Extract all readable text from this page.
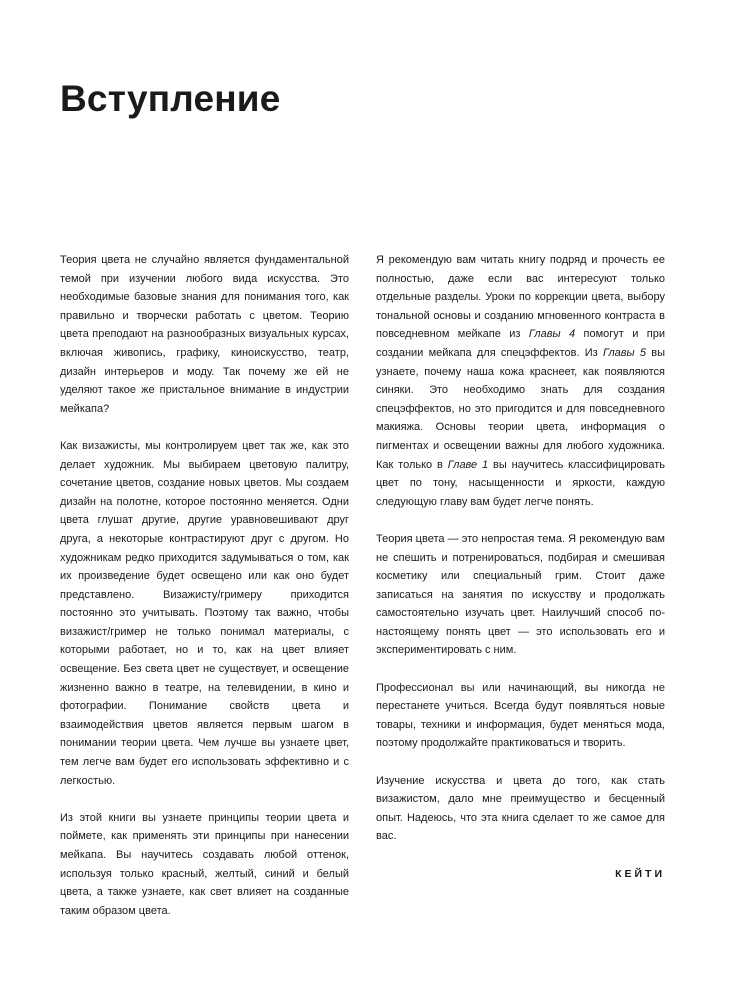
Вступление

Теория цвета не случайно является фундаментальной темой при изучении любого вида искусства. Это необходимые базовые знания для понимания того, как правильно и творчески работать с цветом. Теорию цвета преподают на разнообразных визуальных курсах, включая живопись, графику, киноискусство, театр, дизайн интерьеров и моду. Так почему же ей не уделяют такое же пристальное внимание в индустрии мейкапа?

Как визажисты, мы контролируем цвет так же, как это делает художник. Мы выбираем цветовую палитру, сочетание цветов, создание новых цветов. Мы создаем дизайн на полотне, которое постоянно меняется. Одни цвета глушат другие, другие уравновешивают друг друга, а некоторые контрастируют друг с другом. Но художникам редко приходится задумываться о том, как их произведение будет освещено или как оно будет представлено. Визажисту/гримеру приходится постоянно это учитывать. Поэтому так важно, чтобы визажист/гример не только понимал материалы, с которыми работает, но и то, как на цвет влияет освещение. Без света цвет не существует, и освещение жизненно важно в театре, на телевидении, в кино и фотографии. Понимание свойств цвета и взаимодействия цветов является первым шагом в понимании теории цвета. Чем лучше вы узнаете цвет, тем легче вам будет его использовать эффективно и с легкостью.

Из этой книги вы узнаете принципы теории цвета и поймете, как применять эти принципы при нанесении мейкапа. Вы научитесь создавать любой оттенок, используя только красный, желтый, синий и белый цвета, а также узнаете, как свет влияет на созданные таким образом цвета.

Я рекомендую вам читать книгу подряд и прочесть ее полностью, даже если вас интересуют только отдельные разделы. Уроки по коррекции цвета, выбору тональной основы и созданию мгновенного контраста в повседневном мейкапе из Главы 4 помогут и при создании мейкапа для спецэффектов. Из Главы 5 вы узнаете, почему наша кожа краснеет, как появляются синяки. Это необходимо знать для создания спецэффектов, но это пригодится и для повседневного макияжа. Основы теории цвета, информация о пигментах и освещении важны для любого художника. Как только в Главе 1 вы научитесь классифицировать цвет по тону, насыщенности и яркости, каждую следующую главу вам будет легче понять.

Теория цвета — это непростая тема. Я рекомендую вам не спешить и потренироваться, подбирая и смешивая косметику или специальный грим. Стоит даже записаться на занятия по искусству и продолжать самостоятельно изучать цвет. Наилучший способ по-настоящему понять цвет — это использовать его и экспериментировать с ним.

Профессионал вы или начинающий, вы никогда не перестанете учиться. Всегда будут появляться новые товары, техники и информация, будет меняться мода, поэтому продолжайте практиковаться и творить.

Изучение искусства и цвета до того, как стать визажистом, дало мне преимущество и бесценный опыт. Надеюсь, что эта книга сделает то же самое для вас.

КЕЙТИ
